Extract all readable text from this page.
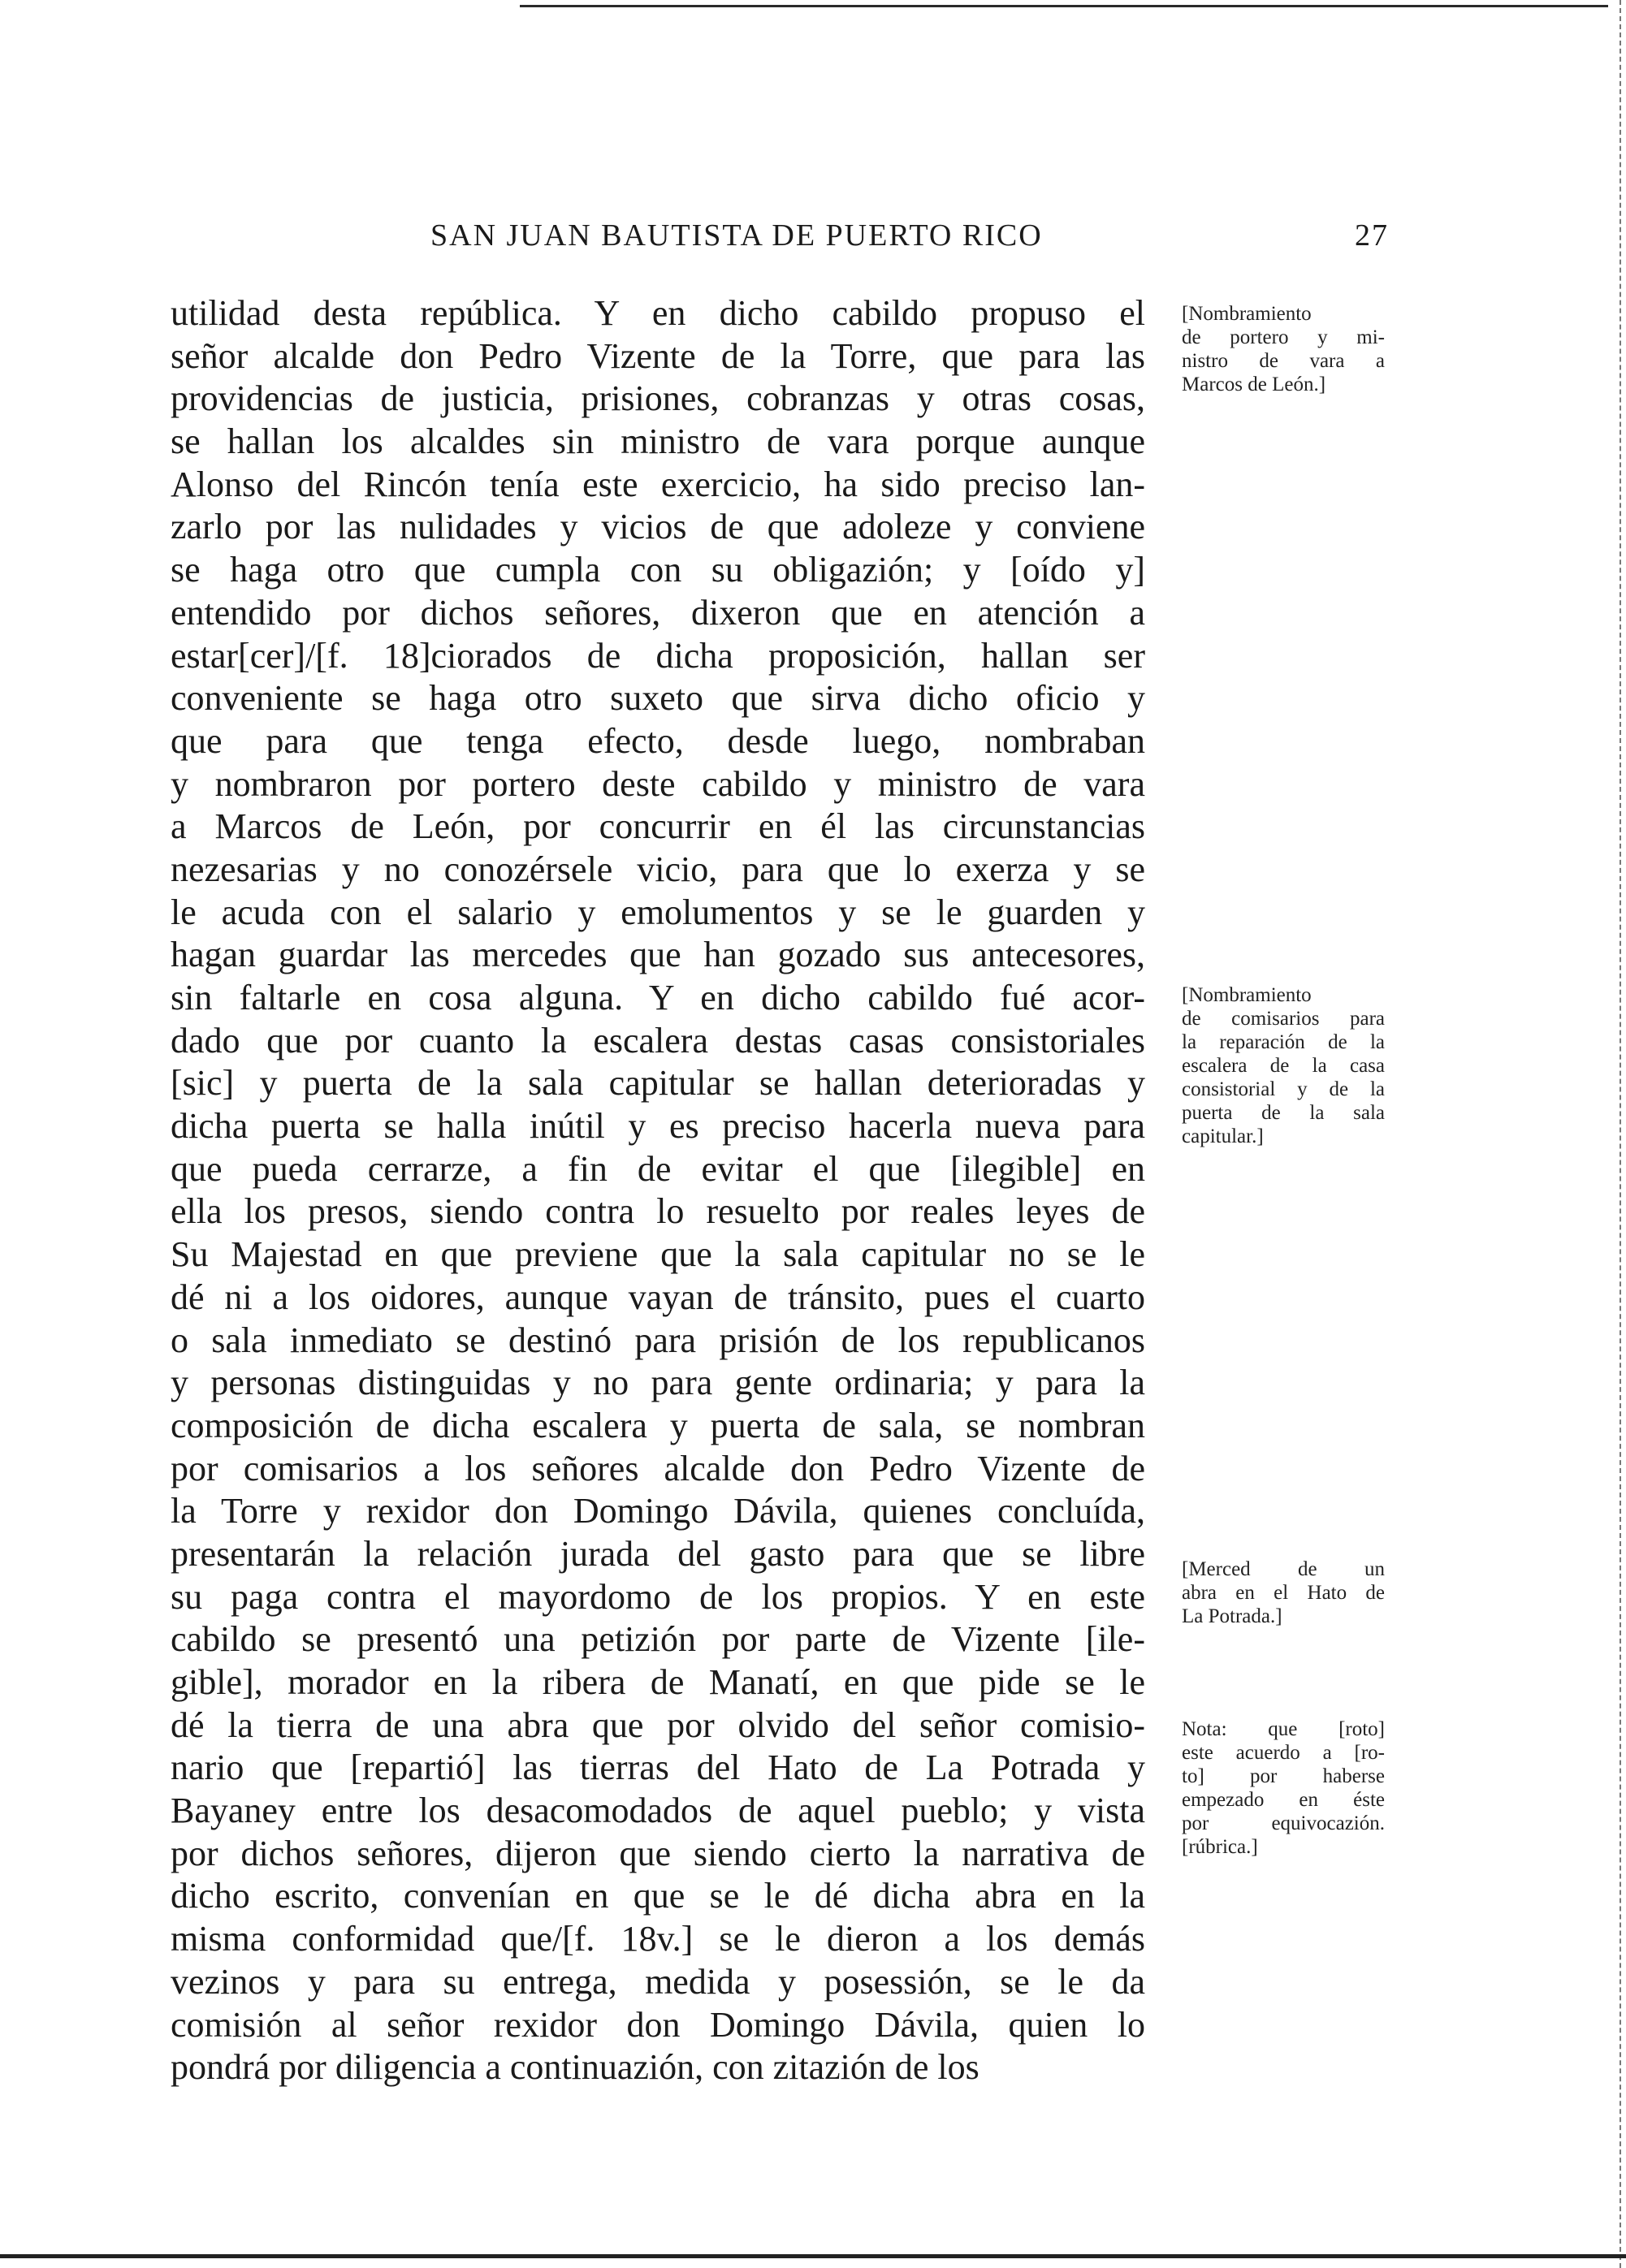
SAN JUAN BAUTISTA DE PUERTO RICO	27
utilidad desta república. Y en dicho cabildo propuso el
señor alcalde don Pedro Vizente de la Torre, que para las
providencias de justicia, prisiones, cobranzas y otras cosas,
se hallan los alcaldes sin ministro de vara porque aunque
Alonso del Rincón tenía este exercicio, ha sido preciso lan-
zarlo por las nulidades y vicios de que adoleze y conviene
se haga otro que cumpla con su obligazión; y [oído y]
entendido por dichos señores, dixeron que en atención a
estar[cer]/[f. 18]ciorados de dicha proposición, hallan ser
conveniente se haga otro suxeto que sirva dicho oficio y
que para que tenga efecto, desde luego, nombraban
y nombraron por portero deste cabildo y ministro de vara
a Marcos de León, por concurrir en él las circunstancias
nezesarias y no conozérsele vicio, para que lo exerza y se
le acuda con el salario y emolumentos y se le guarden y
hagan guardar las mercedes que han gozado sus antecesores,
sin faltarle en cosa alguna. Y en dicho cabildo fué acor-
dado que por cuanto la escalera destas casas consistoriales
[sic] y puerta de la sala capitular se hallan deterioradas y
dicha puerta se halla inútil y es preciso hacerla nueva para
que pueda cerrarze, a fin de evitar el que [ilegible] en
ella los presos, siendo contra lo resuelto por reales leyes de
Su Majestad en que previene que la sala capitular no se le
dé ni a los oidores, aunque vayan de tránsito, pues el cuarto
o sala inmediato se destinó para prisión de los republicanos
y personas distinguidas y no para gente ordinaria; y para la
composición de dicha escalera y puerta de sala, se nombran
por comisarios a los señores alcalde don Pedro Vizente de
la Torre y rexidor don Domingo Dávila, quienes concluída,
presentarán la relación jurada del gasto para que se libre
su paga contra el mayordomo de los propios. Y en este
cabildo se presentó una petizión por parte de Vizente [ile-
gible], morador en la ribera de Manatí, en que pide se le
dé la tierra de una abra que por olvido del señor comisio-
nario que [repartió] las tierras del Hato de La Potrada y
Bayaney entre los desacomodados de aquel pueblo; y vista
por dichos señores, dijeron que siendo cierto la narrativa de
dicho escrito, convenían en que se le dé dicha abra en la
misma conformidad que/[f. 18v.] se le dieron a los demás
vezinos y para su entrega, medida y posessión, se le da
comisión al señor rexidor don Domingo Dávila, quien lo
pondrá por diligencia a continuazión, con zitazión de los
[Nombramiento
de portero y mi-
nistro de vara a
Marcos de León.]
[Nombramiento
de comisarios para
la reparación de la
escalera de la casa
consistorial y de la
puerta de la sala
capitular.]
[Merced de un
abra en el Hato de
La Potrada.]
Nota: que [roto]
este acuerdo a [ro-
to] por haberse
empezado en éste
por equivocazión.
[rúbrica.]
